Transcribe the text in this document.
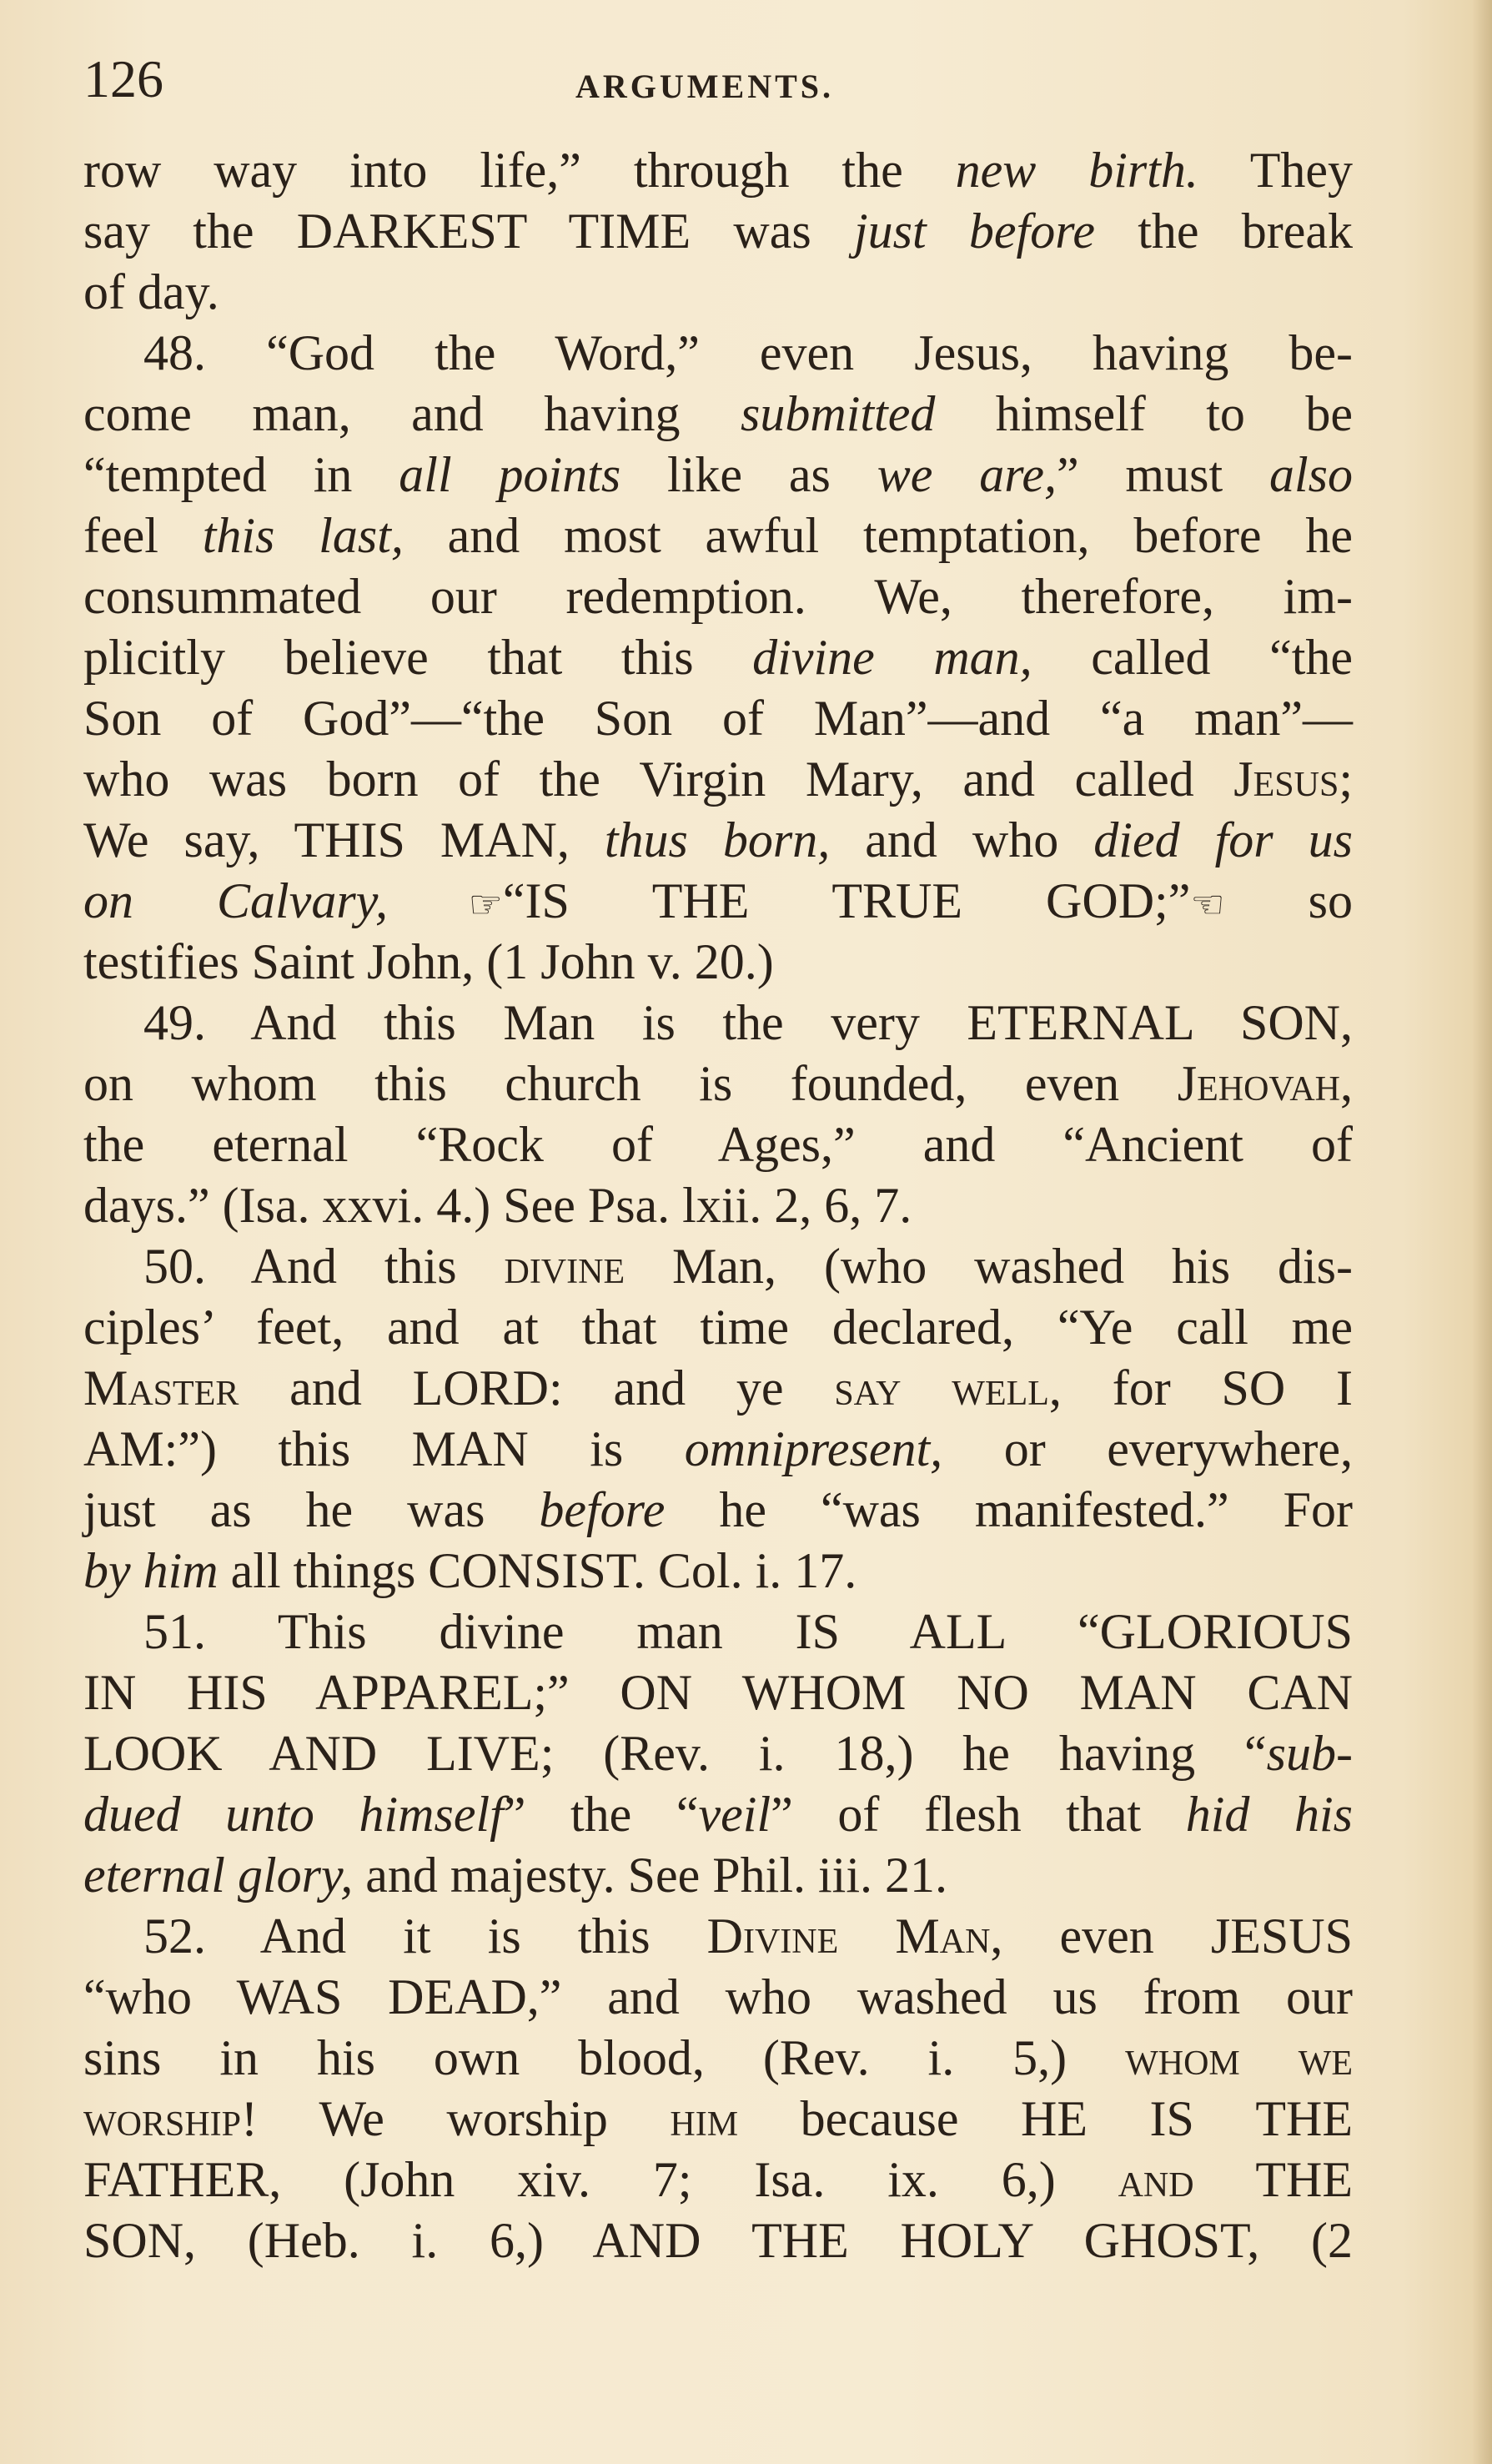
126	ARGUMENTS.
row way into life,” through the new birth. They
say the DARKEST TIME was just before the break
of day.
48. “God the Word,” even Jesus, having be-
come man, and having submitted himself to be
“tempted in all points like as we are,” must also
feel this last, and most awful temptation, before he
consummated our redemption. We, therefore, im-
plicitly believe that this divine man, called “the
Son of God”—“the Son of Man”—and “a man”—
who was born of the Virgin Mary, and called Jesus;
We say, THIS MAN, thus born, and who died for us
on Calvary, ☞“IS THE TRUE GOD;”☜ so
testifies Saint John, (1 John v. 20.)
49. And this Man is the very ETERNAL SON,
on whom this church is founded, even Jehovah,
the eternal “Rock of Ages,” and “Ancient of
days.” (Isa. xxvi. 4.) See Psa. lxii. 2, 6, 7.
50. And this divine Man, (who washed his dis-
ciples’ feet, and at that time declared, “Ye call me
Master and LORD: and ye say well, for SO I
AM:”) this MAN is omnipresent, or everywhere,
just as he was before he “was manifested.” For
by him all things CONSIST. Col. i. 17.
51. This divine man IS ALL “GLORIOUS
IN HIS APPAREL;” ON WHOM NO MAN CAN
LOOK AND LIVE; (Rev. i. 18,) he having “sub-
dued unto himself” the “veil” of flesh that hid his
eternal glory, and majesty. See Phil. iii. 21.
52. And it is this Divine Man, even JESUS
“who WAS DEAD,” and who washed us from our
sins in his own blood, (Rev. i. 5,) whom we
worship! We worship him because HE IS THE
FATHER, (John xiv. 7; Isa. ix. 6,) and THE
SON, (Heb. i. 6,) AND THE HOLY GHOST, (2
